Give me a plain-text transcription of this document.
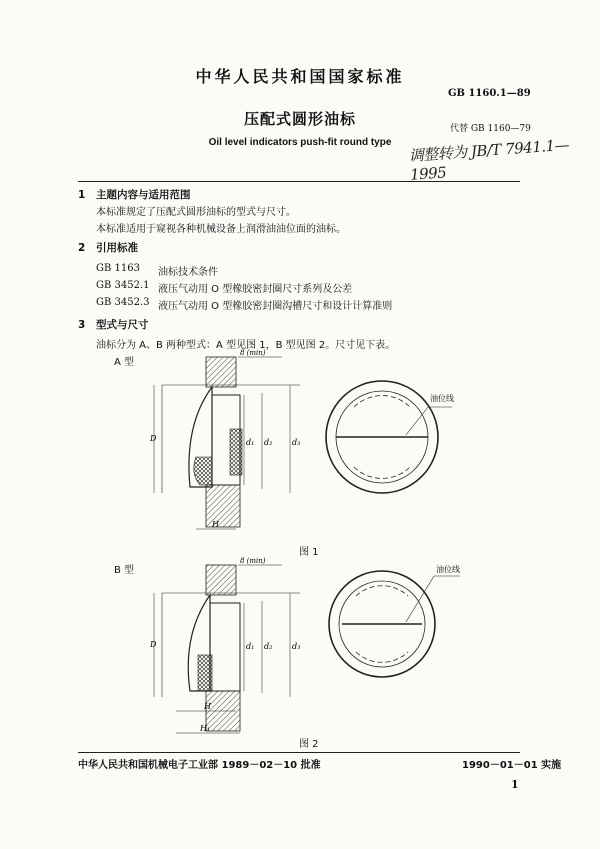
中华人民共和国国家标准
GB 1160.1—89
压配式圆形油标
代替 GB 1160—79
Oil level indicators push-fit round type	调整转为 JB/T 7941.1—1995
1 主题内容与适用范围
本标准规定了压配式圆形油标的型式与尺寸。
本标准适用于窥视各种机械设备上润滑油油位面的油标。
2 引用标准
GB 1163	油标技术条件
GB 3452.1 液压气动用 O 型橡胶密封圈尺寸系列及公差
GB 3452.3 液压气动用 O 型橡胶密封圈沟槽尺寸和设计计算准则
3 型式与尺寸
油标分为 A、B 两种型式：A 型见图 1，B 型见图 2。尺寸见下表。
A 型
D	d₁ d₂ d₃
8 (min)
H
油位线
图 1
B 型
D	d₁ d₂ d₃
8 (min)
H
H₁
油位线
图 2
中华人民共和国机械电子工业部 1989－02－10 批准	1990－01－01 实施
1
